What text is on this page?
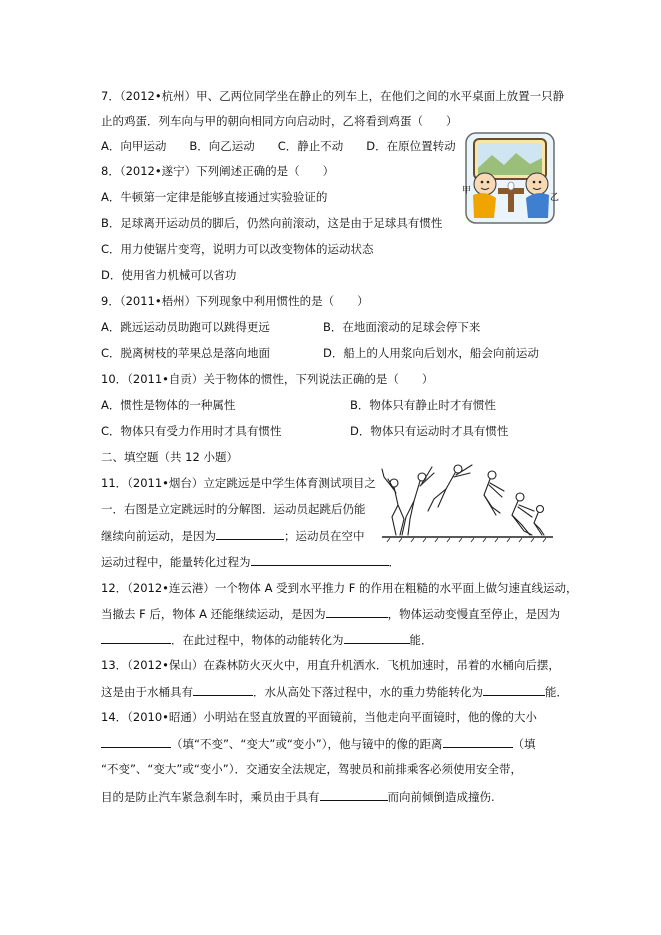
7．（2012•杭州）甲、乙两位同学坐在静止的列车上，在他们之间的水平桌面上放置一只静
止的鸡蛋．列车向与甲的朝向相同方向启动时，乙将看到鸡蛋（　　）
A．向甲运动　　B．向乙运动　　C．静止不动　　D．在原位置转动
甲
乙
8．（2012•遂宁）下列阐述正确的是（　　）
A．牛顿第一定律是能够直接通过实验验证的
B．足球离开运动员的脚后，仍然向前滚动，这是由于足球具有惯性
C．用力使锯片变弯，说明力可以改变物体的运动状态
D．使用省力机械可以省功
9．（2011•梧州）下列现象中利用惯性的是（　　）
A．跳远运动员助跑可以跳得更远	B．在地面滚动的足球会停下来
C．脱离树枝的苹果总是落向地面	D．船上的人用浆向后划水，船会向前运动
10．（2011•自贡）关于物体的惯性，下列说法正确的是（　　）
A．惯性是物体的一种属性	B．物体只有静止时才有惯性
C．物体只有受力作用时才具有惯性	D．物体只有运动时才具有惯性
二、填空题（共 12 小题）
11．（2011•烟台）立定跳远是中学生体育测试项目之
一．右图是立定跳远时的分解图．运动员起跳后仍能
继续向前运动，是因为	；运动员在空中
运动过程中，能量转化过程为	．
12．（2012•连云港）一个物体 A 受到水平推力 F 的作用在粗糙的水平面上做匀速直线运动，
当撤去 F 后，物体 A 还能继续运动，是因为	，物体运动变慢直至停止，是因为
．在此过程中，物体的动能转化为	能．
13．（2012•保山）在森林防火灭火中，用直升机洒水．飞机加速时，吊着的水桶向后摆，
这是由于水桶具有	．水从高处下落过程中，水的重力势能转化为	能．
14．（2010•昭通）小明站在竖直放置的平面镜前，当他走向平面镜时，他的像的大小
（填“不变”、“变大”或“变小”），他与镜中的像的距离	（填
“不变”、“变大”或“变小”）．交通安全法规定，驾驶员和前排乘客必须使用安全带，
目的是防止汽车紧急刹车时，乘员由于具有	而向前倾倒造成撞伤.
